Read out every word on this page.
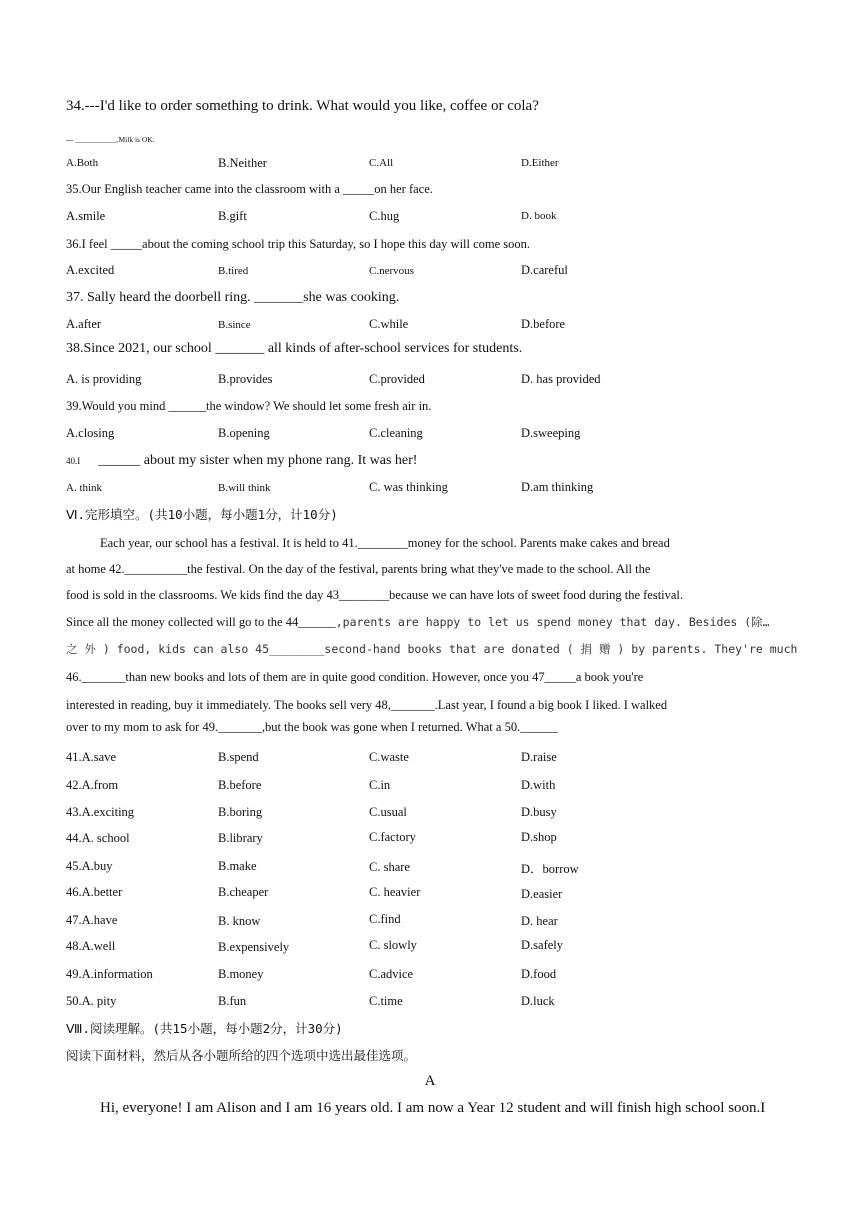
34.---I'd like to order something to drink. What would you like, coffee or cola?
--- ___________.Milk is OK.
A.Both	B.Neither	C.All	D.Either
35.Our English teacher came into the classroom with a _____on her face.
A.smile	B.gift	C.hug	D. book
36.I feel _____about the coming school trip this Saturday, so I hope this day will come soon.
A.excited	B.tired	C.nervous	D.careful
37. Sally heard the doorbell ring. _______she was cooking.
A.after	B.since	C.while	D.before
38.Since 2021, our school _______ all kinds of after-school services for students.
A. is providing	B.provides	C.provided	D. has provided
39.Would you mind ______the window? We should let some fresh air in.
A.closing	B.opening	C.cleaning	D.sweeping
40.I ______ about my sister when my phone rang. It was her!
A. think	B.will think	C. was thinking	D.am thinking
Ⅵ.完形填空。(共10小题，每小题1分，计10分)
Each year, our school has a festival. It is held to 41.________money for the school. Parents make cakes and bread
at home 42.__________the festival. On the day of the festival, parents bring what they've made to the school. All the
food is sold in the classrooms. We kids find the day 43________because we can have lots of sweet food during the festival.
Since all the money collected will go to the 44______,parents are happy to let us spend money that day. Besides (除…
之 外 ) food, kids can also 45________second-hand books that are donated ( 捐 赠 ) by parents. They're much
46._______than new books and lots of them are in quite good condition. However, once you 47_____a book you're
interested in reading, buy it immediately. The books sell very 48,_______.Last year, I found a big book I liked. I walked
over to my mom to ask for 49._______,but the book was gone when I returned. What a 50.______
41.A.save	B.spend	C.waste	D.raise
42.A.from	B.before	C.in	D.with
43.A.exciting	B.boring	C.usual	D.busy
44.A. school	B.library	C.factory	D.shop
45.A.buy	B.make	C. share	D．borrow
46.A.better	B.cheaper	C. heavier	D.easier
47.A.have	B. know	C.find	D. hear
48.A.well	B.expensively	C. slowly	D.safely
49.A.information	B.money	C.advice	D.food
50.A. pity	B.fun	C.time	D.luck
Ⅷ.阅读理解。(共15小题，每小题2分，计30分)
阅读下面材料，然后从各小题所给的四个选项中选出最佳选项。
A
Hi, everyone! I am Alison and I am 16 years old. I am now a Year 12 student and will finish high school soon.I
